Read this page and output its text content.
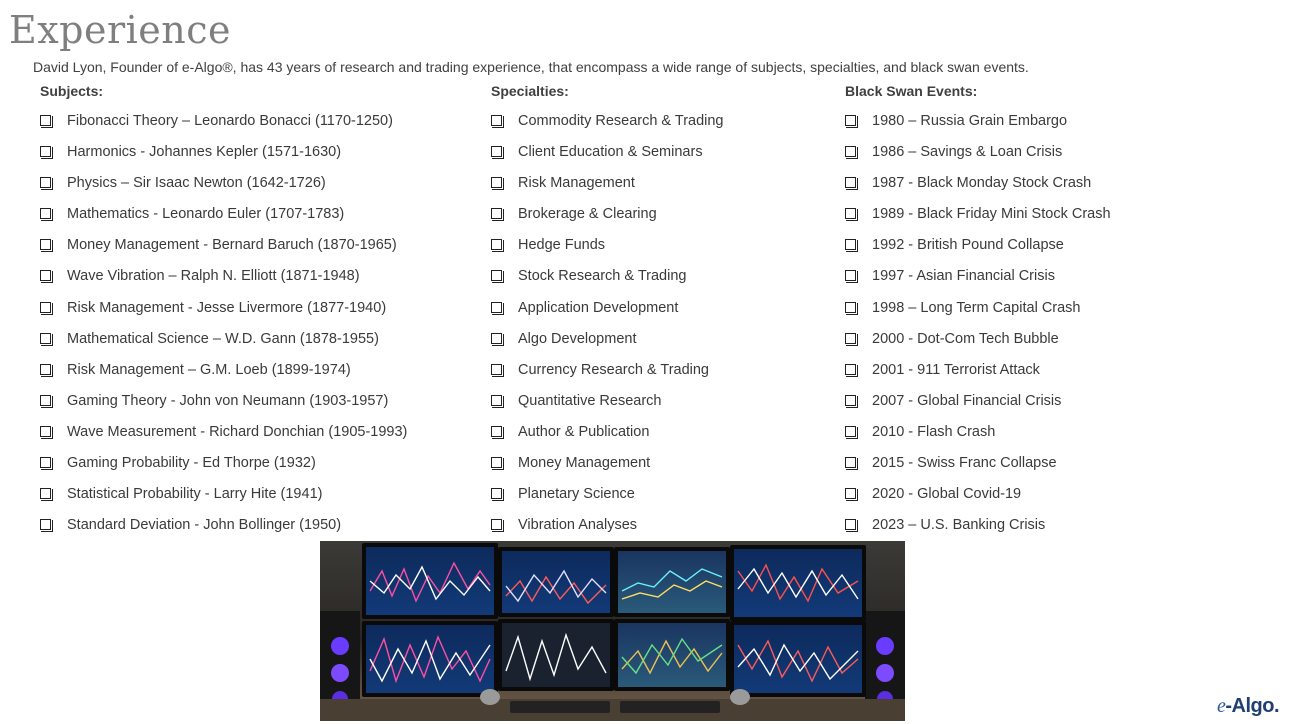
Experience

David Lyon, Founder of e-Algo®, has 43 years of research and trading experience, that encompass a wide range of subjects, specialties, and black swan events.

Subjects:
Fibonacci Theory – Leonardo Bonacci (1170-1250)
Harmonics - Johannes Kepler (1571-1630)
Physics – Sir Isaac Newton (1642-1726)
Mathematics - Leonardo Euler (1707-1783)
Money Management - Bernard Baruch (1870-1965)
Wave Vibration – Ralph N. Elliott (1871-1948)
Risk Management - Jesse Livermore (1877-1940)
Mathematical Science – W.D. Gann (1878-1955)
Risk Management – G.M. Loeb (1899-1974)
Gaming Theory - John von Neumann (1903-1957)
Wave Measurement - Richard Donchian (1905-1993)
Gaming Probability - Ed Thorpe (1932)
Statistical Probability - Larry Hite (1941)
Standard Deviation - John Bollinger (1950)
Specialties:
Commodity Research & Trading
Client Education & Seminars
Risk Management
Brokerage & Clearing
Hedge Funds
Stock Research & Trading
Application Development
Algo Development
Currency Research & Trading
Quantitative Research
Author & Publication
Money Management
Planetary Science
Vibration Analyses
Black Swan Events:
1980 – Russia Grain Embargo
1986 – Savings & Loan Crisis
1987 - Black Monday Stock Crash
1989 - Black Friday Mini Stock Crash
1992 - British Pound Collapse
1997 - Asian Financial Crisis
1998 – Long Term Capital Crash
2000 - Dot-Com Tech Bubble
2001 - 911 Terrorist Attack
2007 - Global Financial Crisis
2010 - Flash Crash
2015 - Swiss Franc Collapse
2020 - Global Covid-19
2023 – U.S. Banking Crisis
e-Algo.
